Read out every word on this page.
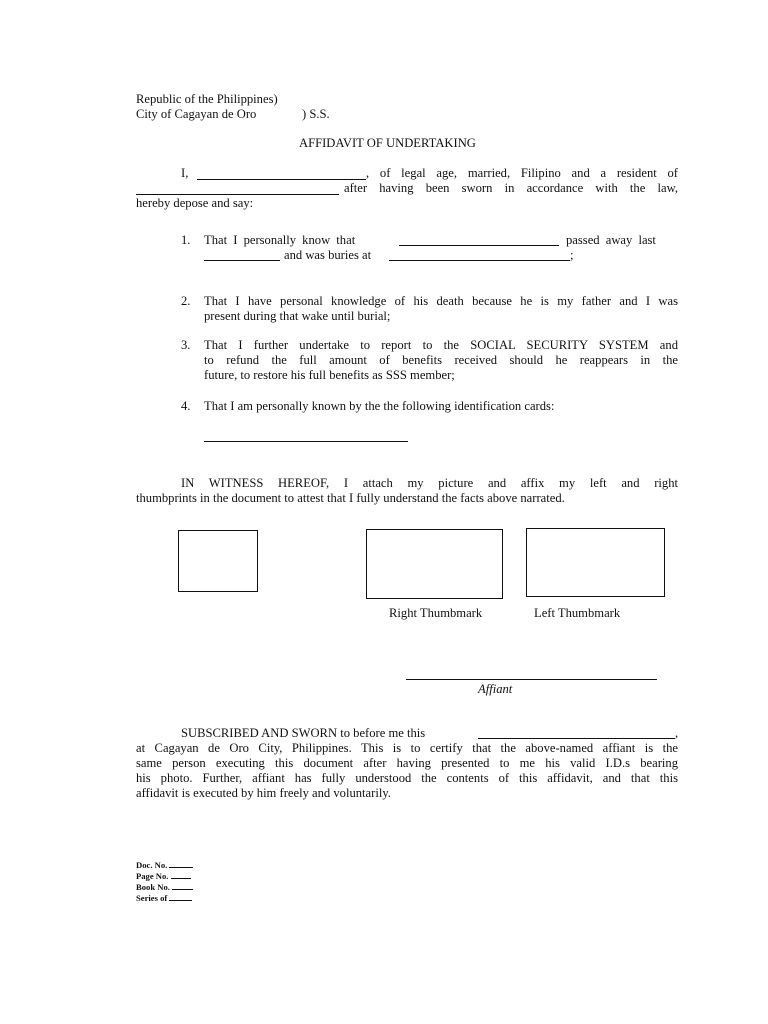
Republic of the Philippines)
City of Cagayan de Oro	) S.S.
AFFIDAVIT OF UNDERTAKING
I,	, of legal age, married, Filipino and a resident of
after having been sworn in accordance with the law,
hereby depose and say:
1. That I personally know that	passed away last
and was buries at	;
2. That I have personal knowledge of his death because he is my father and I was
present during that wake until burial;
3. That I further undertake to report to the SOCIAL SECURITY SYSTEM and
to refund the full amount of benefits received should he reappears in the
future, to restore his full benefits as SSS member;
4. That I am personally known by the the following identification cards:
IN WITNESS HEREOF, I attach my picture and affix my left and right
thumbprints in the document to attest that I fully understand the facts above narrated.
Right Thumbmark	Left Thumbmark
Affiant
SUBSCRIBED AND SWORN to before me this	,
at Cagayan de Oro City, Philippines. This is to certify that the above-named affiant is the
same person executing this document after having presented to me his valid I.D.s bearing
his photo. Further, affiant has fully understood the contents of this affidavit, and that this
affidavit is executed by him freely and voluntarily.
Doc. No.
Page No.
Book No.
Series of
